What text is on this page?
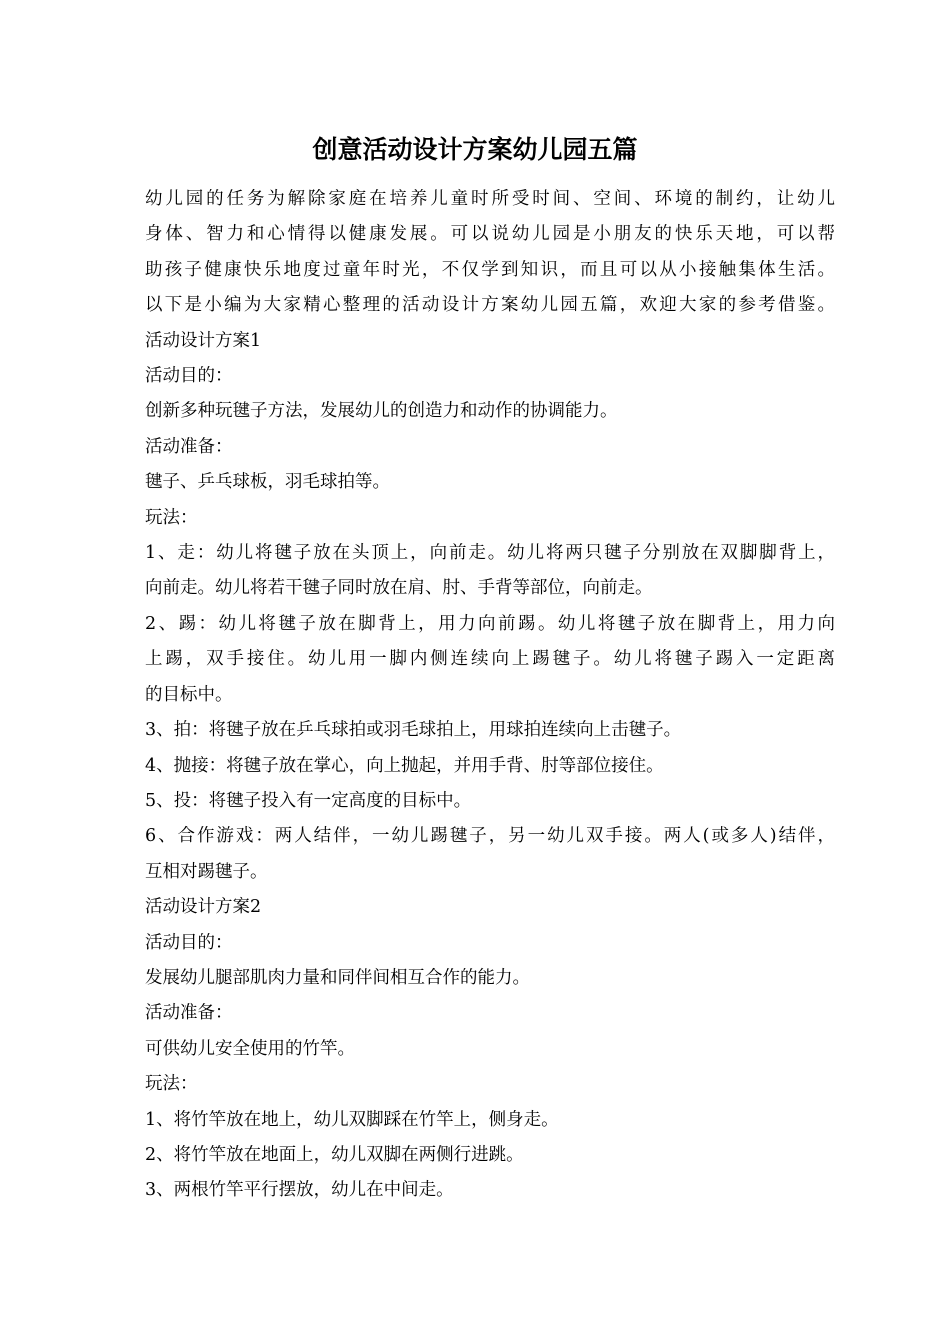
创意活动设计方案幼儿园五篇

幼儿园的任务为解除家庭在培养儿童时所受时间、空间、环境的制约，让幼儿

身体、智力和心情得以健康发展。可以说幼儿园是小朋友的快乐天地，可以帮

助孩子健康快乐地度过童年时光，不仅学到知识，而且可以从小接触集体生活。

以下是小编为大家精心整理的活动设计方案幼儿园五篇，欢迎大家的参考借鉴。

活动设计方案1

活动目的：

创新多种玩毽子方法，发展幼儿的创造力和动作的协调能力。

活动准备：

毽子、乒乓球板，羽毛球拍等。

玩法：

1、走：幼儿将毽子放在头顶上，向前走。幼儿将两只毽子分别放在双脚脚背上，

向前走。幼儿将若干毽子同时放在肩、肘、手背等部位，向前走。

2、踢：幼儿将毽子放在脚背上，用力向前踢。幼儿将毽子放在脚背上，用力向

上踢，双手接住。幼儿用一脚内侧连续向上踢毽子。幼儿将毽子踢入一定距离

的目标中。

3、拍：将毽子放在乒乓球拍或羽毛球拍上，用球拍连续向上击毽子。

4、抛接：将毽子放在掌心，向上抛起，并用手背、肘等部位接住。

5、投：将毽子投入有一定高度的目标中。

6、合作游戏：两人结伴，一幼儿踢毽子，另一幼儿双手接。两人(或多人)结伴，

互相对踢毽子。

活动设计方案2

活动目的：

发展幼儿腿部肌肉力量和同伴间相互合作的能力。

活动准备：

可供幼儿安全使用的竹竿。

玩法：

1、将竹竿放在地上，幼儿双脚踩在竹竿上，侧身走。

2、将竹竿放在地面上，幼儿双脚在两侧行进跳。

3、两根竹竿平行摆放，幼儿在中间走。
